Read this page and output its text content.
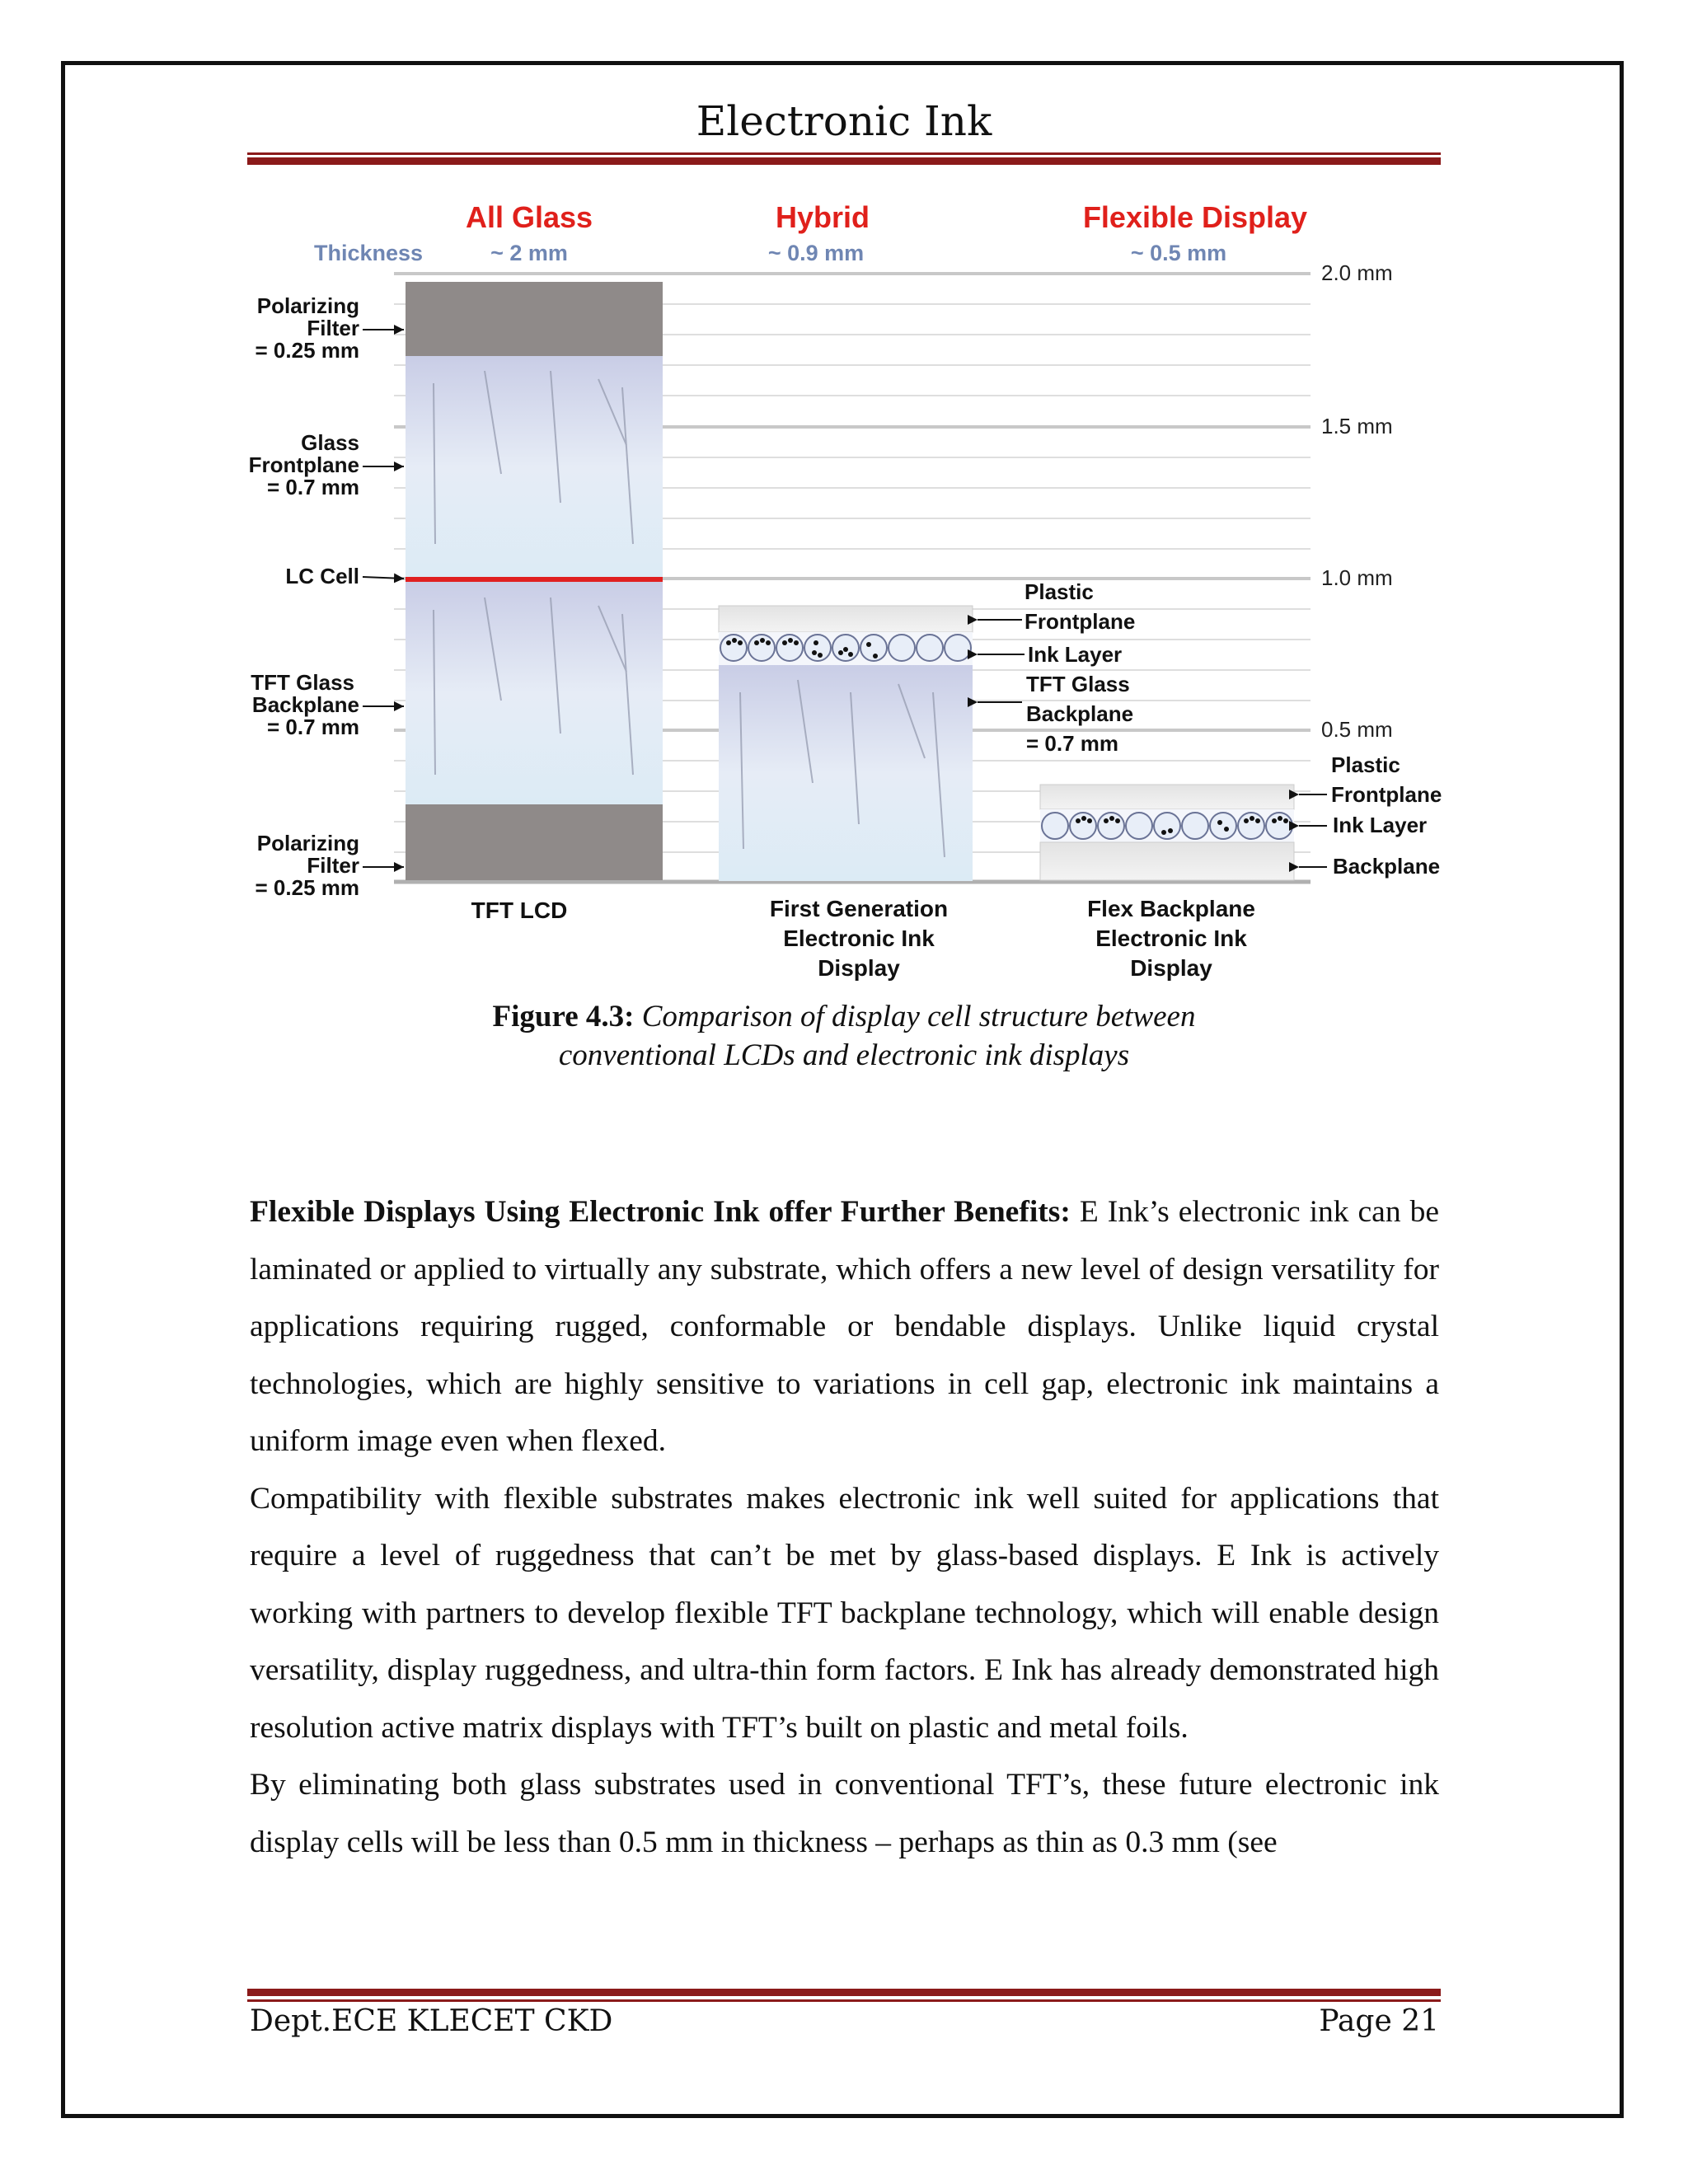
Electronic Ink
All Glass	Hybrid	Flexible Display
Thickness	~ 2 mm	~ 0.9 mm	~ 0.5 mm
2.0 mm
1.5 mm
1.0 mm
0.5 mm
Polarizing
Filter
= 0.25 mm
Glass
Frontplane
= 0.7 mm
LC Cell
TFT Glass
Backplane
= 0.7 mm
Polarizing
Filter
= 0.25 mm
Plastic
Frontplane
Ink Layer
TFT Glass
Backplane
= 0.7 mm
Plastic
Frontplane
Ink Layer
Backplane
TFT LCD	First Generation
Electronic Ink
Display
Flex Backplane
Electronic Ink
Display
Figure 4.3: Comparison of display cell structure between
conventional LCDs and electronic ink displays

Flexible Displays Using Electronic Ink offer Further Benefits: E Ink’s electronic ink can be laminated or applied to virtually any substrate, which offers a new level of design versatility for applications requiring rugged, conformable or bendable displays. Unlike liquid crystal technologies, which are highly sensitive to variations in cell gap, electronic ink maintains a uniform image even when flexed.

Compatibility with flexible substrates makes electronic ink well suited for applications that require a level of ruggedness that can’t be met by glass-based displays. E Ink is actively working with partners to develop flexible TFT backplane technology, which will enable design versatility, display ruggedness, and ultra-thin form factors. E Ink has already demonstrated high resolution active matrix displays with TFT’s built on plastic and metal foils.

By eliminating both glass substrates used in conventional TFT’s, these future electronic ink display cells will be less than 0.5 mm in thickness – perhaps as thin as 0.3 mm (see

Dept.ECE KLECET CKD	Page 21
